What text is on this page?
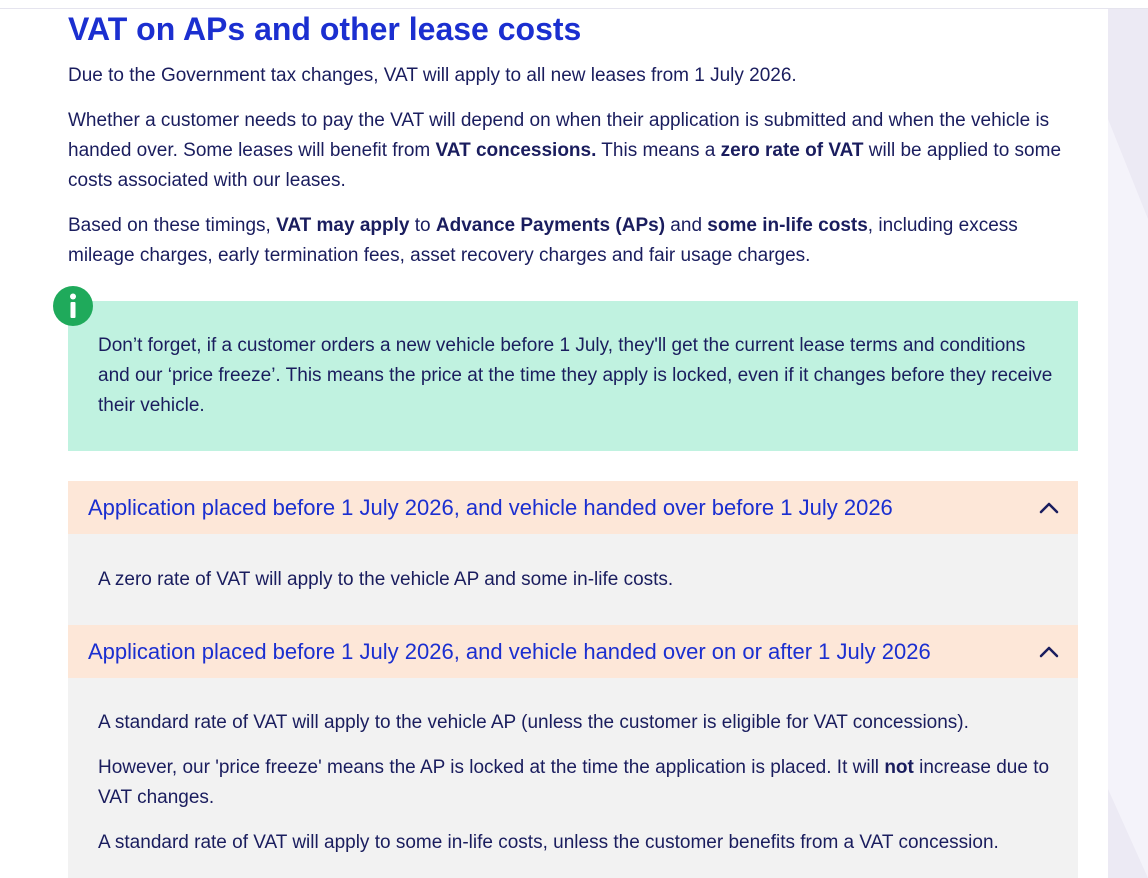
VAT on APs and other lease costs

Due to the Government tax changes, VAT will apply to all new leases from 1 July 2026.

Whether a customer needs to pay the VAT will depend on when their application is submitted and when the vehicle is handed over. Some leases will benefit from VAT concessions. This means a zero rate of VAT will be applied to some costs associated with our leases.

Based on these timings, VAT may apply to Advance Payments (APs) and some in-life costs, including excess mileage charges, early termination fees, asset recovery charges and fair usage charges.

Don’t forget, if a customer orders a new vehicle before 1 July, they'll get the current lease terms and conditions and our ‘price freeze’. This means the price at the time they apply is locked, even if it changes before they receive their vehicle.

Application placed before 1 July 2026, and vehicle handed over before 1 July 2026

A zero rate of VAT will apply to the vehicle AP and some in-life costs.

Application placed before 1 July 2026, and vehicle handed over on or after 1 July 2026

A standard rate of VAT will apply to the vehicle AP (unless the customer is eligible for VAT concessions).

However, our 'price freeze' means the AP is locked at the time the application is placed. It will not increase due to VAT changes.

A standard rate of VAT will apply to some in-life costs, unless the customer benefits from a VAT concession.
